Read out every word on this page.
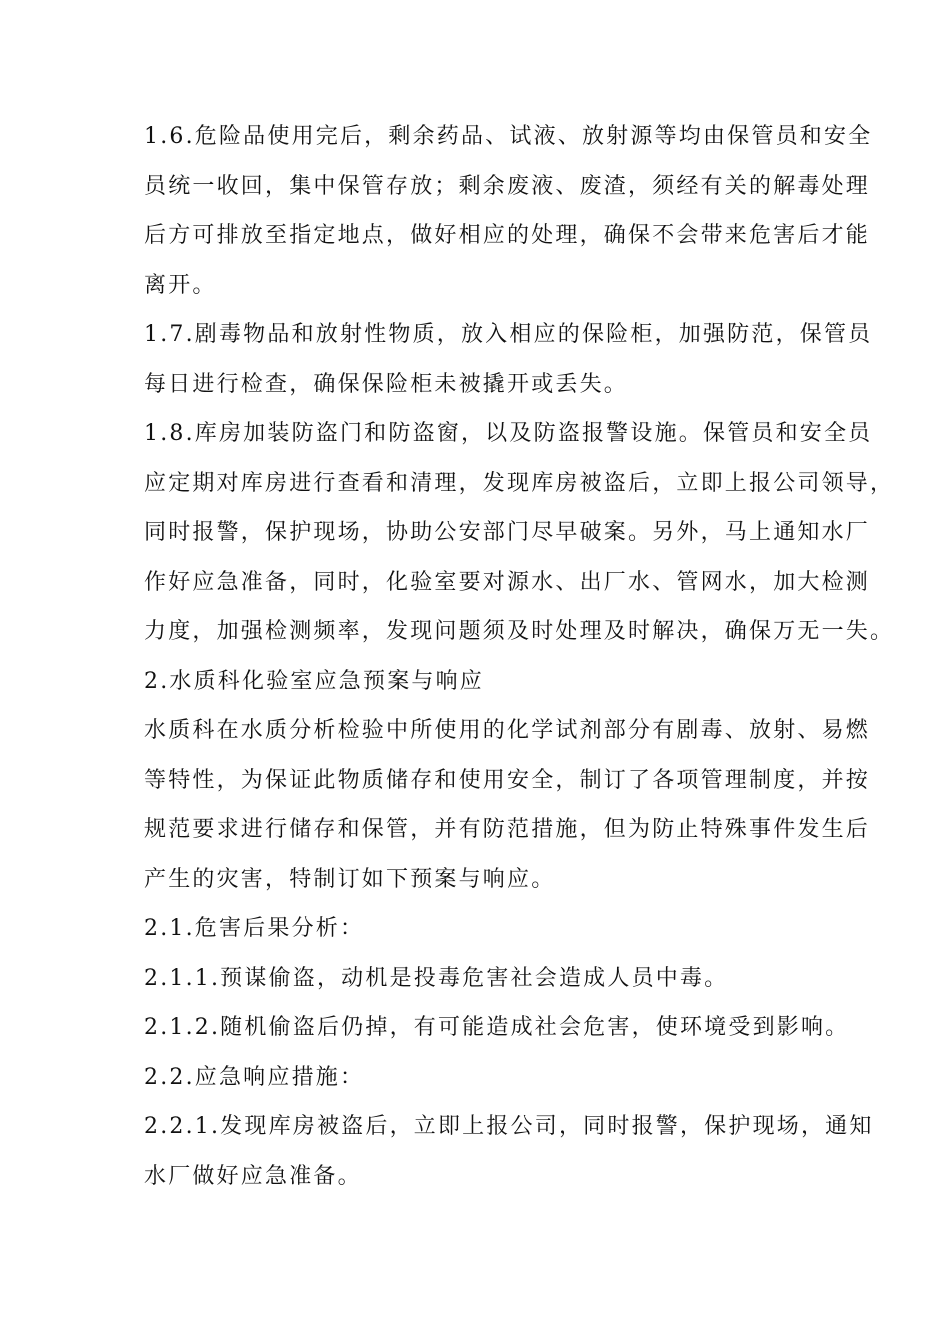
1.6.危险品使用完后，剩余药品、试液、放射源等均由保管员和安全
员统一收回，集中保管存放；剩余废液、废渣，须经有关的解毒处理
后方可排放至指定地点，做好相应的处理，确保不会带来危害后才能
离开。
1.7.剧毒物品和放射性物质，放入相应的保险柜，加强防范，保管员
每日进行检查，确保保险柜未被撬开或丢失。
1.8.库房加装防盗门和防盗窗，以及防盗报警设施。保管员和安全员
应定期对库房进行查看和清理，发现库房被盗后，立即上报公司领导，
同时报警，保护现场，协助公安部门尽早破案。另外，马上通知水厂
作好应急准备，同时，化验室要对源水、出厂水、管网水，加大检测
力度，加强检测频率，发现问题须及时处理及时解决，确保万无一失。
2.水质科化验室应急预案与响应
水质科在水质分析检验中所使用的化学试剂部分有剧毒、放射、易燃
等特性，为保证此物质储存和使用安全，制订了各项管理制度，并按
规范要求进行储存和保管，并有防范措施，但为防止特殊事件发生后
产生的灾害，特制订如下预案与响应。
2.1.危害后果分析：
2.1.1.预谋偷盗，动机是投毒危害社会造成人员中毒。
2.1.2.随机偷盗后仍掉，有可能造成社会危害，使环境受到影响。
2.2.应急响应措施：
2.2.1.发现库房被盗后，立即上报公司，同时报警，保护现场，通知
水厂做好应急准备。
